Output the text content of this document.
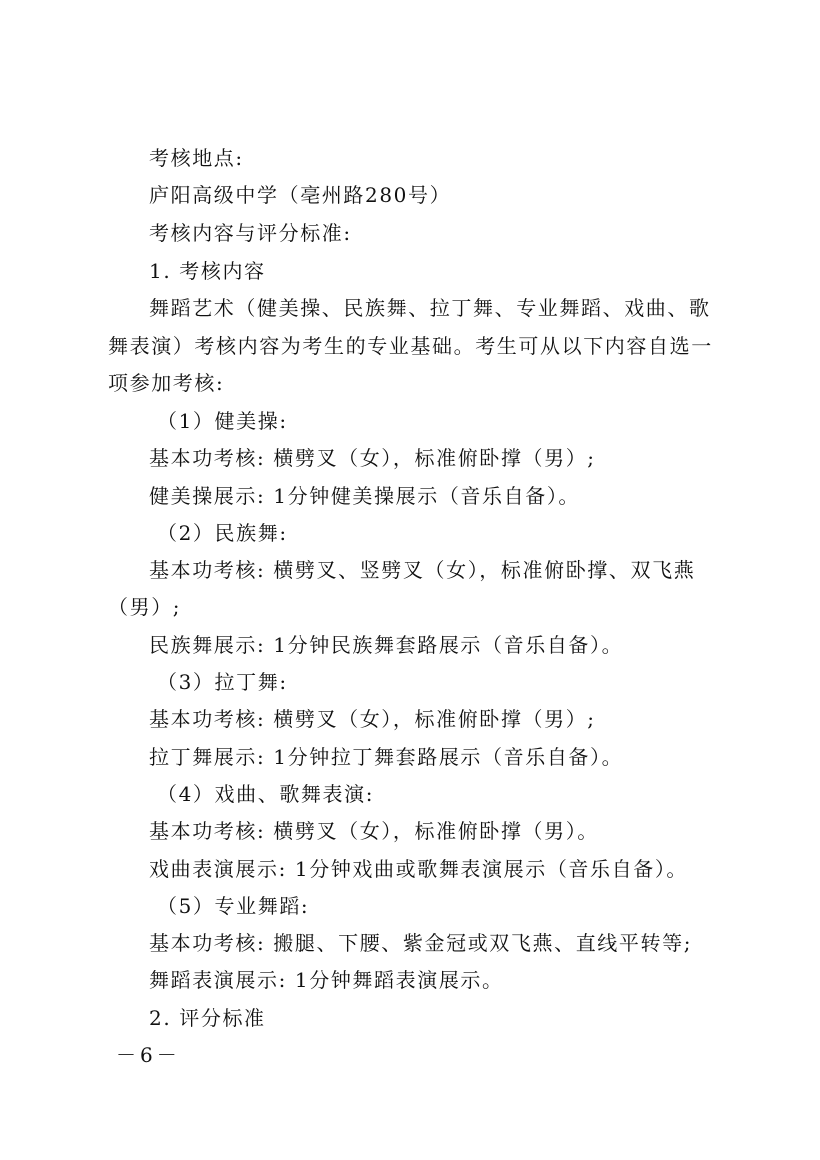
考核地点:
庐阳高级中学（亳州路280号）
考核内容与评分标准:
1. 考核内容
舞蹈艺术（健美操、民族舞、拉丁舞、专业舞蹈、戏曲、歌
舞表演）考核内容为考生的专业基础。考生可从以下内容自选一
项参加考核:
（1）健美操:
基本功考核: 横劈叉（女），标准俯卧撑（男）;
健美操展示: 1分钟健美操展示（音乐自备）。
（2）民族舞:
基本功考核: 横劈叉、竖劈叉（女），标准俯卧撑、双飞燕
（男）;
民族舞展示: 1分钟民族舞套路展示（音乐自备）。
（3）拉丁舞:
基本功考核: 横劈叉（女），标准俯卧撑（男）;
拉丁舞展示: 1分钟拉丁舞套路展示（音乐自备）。
（4）戏曲、歌舞表演:
基本功考核: 横劈叉（女），标准俯卧撑（男）。
戏曲表演展示: 1分钟戏曲或歌舞表演展示（音乐自备）。
（5）专业舞蹈:
基本功考核: 搬腿、下腰、紫金冠或双飞燕、直线平转等;
舞蹈表演展示: 1分钟舞蹈表演展示。
2. 评分标准
－6－
